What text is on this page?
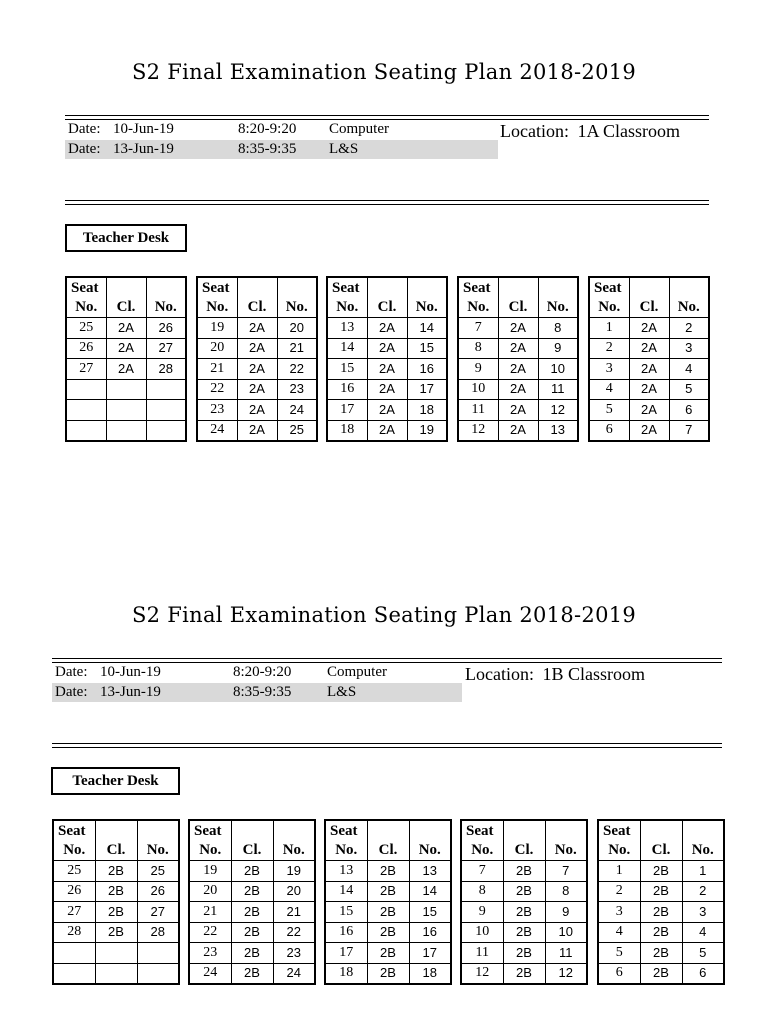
S2 Final Examination Seating Plan 2018-2019
Date: 10-Jun-19	8:20-9:20 Computer
Date: 13-Jun-19	8:35-9:35 L&S
Location: 1A Classroom
Teacher Desk
Seat		
No.	Cl.	No.
25	2A	26
26	2A	27
27	2A	28

Seat		
No.	Cl.	No.
19	2A	20
20	2A	21
21	2A	22
22	2A	23
23	2A	24
24	2A	25
Seat		
No.	Cl.	No.
13	2A	14
14	2A	15
15	2A	16
16	2A	17
17	2A	18
18	2A	19
Seat		
No.	Cl.	No.
7	2A	8
8	2A	9
9	2A	10
10	2A	11
11	2A	12
12	2A	13
Seat		
No.	Cl.	No.
1	2A	2
2	2A	3
3	2A	4
4	2A	5
5	2A	6
6	2A	7
S2 Final Examination Seating Plan 2018-2019
Date: 10-Jun-19	8:20-9:20 Computer
Date: 13-Jun-19	8:35-9:35 L&S
Location: 1B Classroom
Teacher Desk
Seat		
No.	Cl.	No.
25	2B	25
26	2B	26
27	2B	27
28	2B	28

Seat		
No.	Cl.	No.
19	2B	19
20	2B	20
21	2B	21
22	2B	22
23	2B	23
24	2B	24
Seat		
No.	Cl.	No.
13	2B	13
14	2B	14
15	2B	15
16	2B	16
17	2B	17
18	2B	18
Seat		
No.	Cl.	No.
7	2B	7
8	2B	8
9	2B	9
10	2B	10
11	2B	11
12	2B	12
Seat		
No.	Cl.	No.
1	2B	1
2	2B	2
3	2B	3
4	2B	4
5	2B	5
6	2B	6
